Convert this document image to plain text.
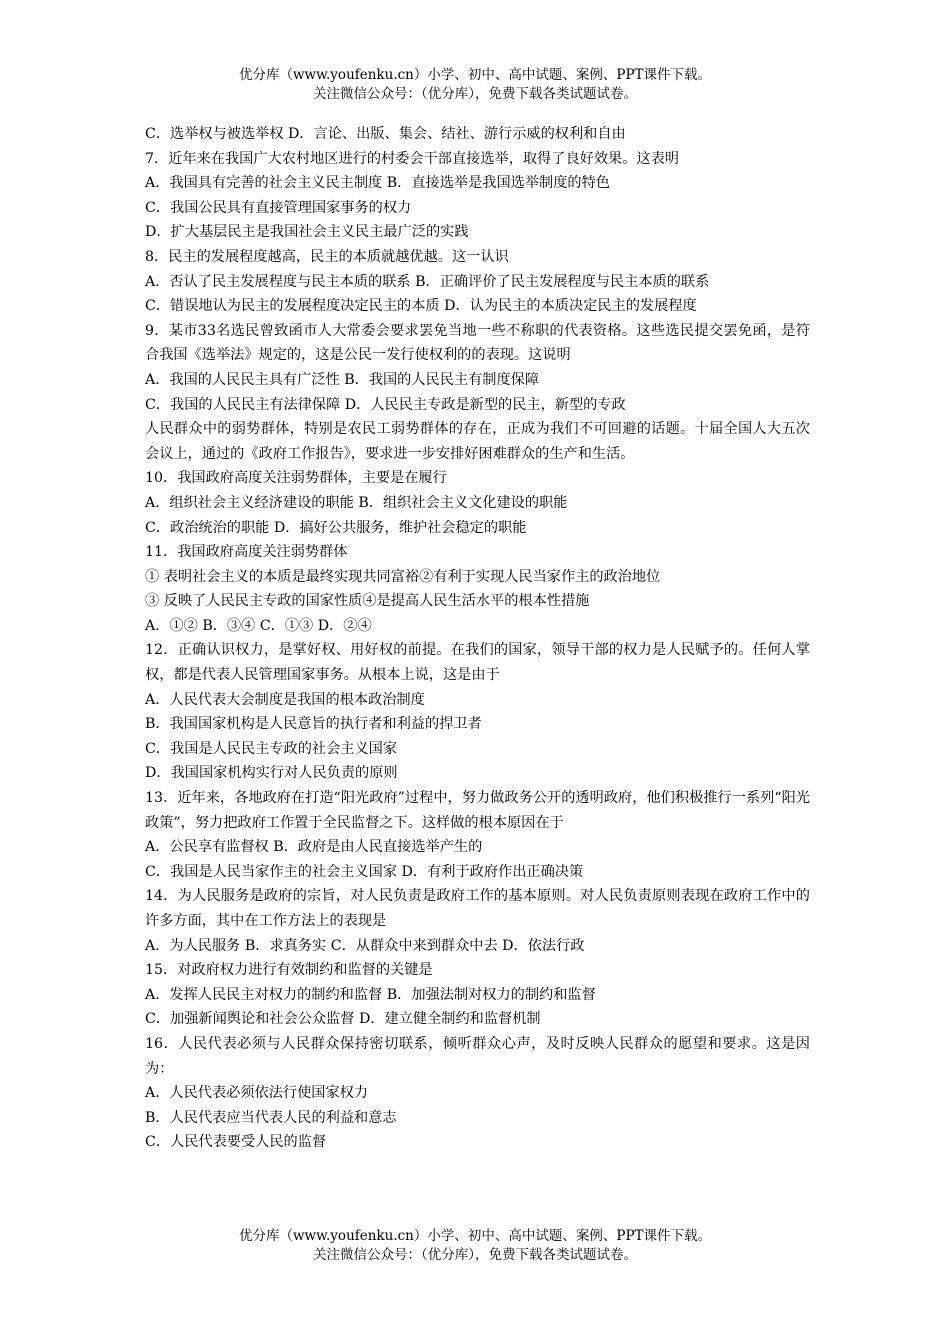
优分库（www.youfenku.cn）小学、初中、高中试题、案例、PPT课件下载。
关注微信公众号：（优分库），免费下载各类试题试卷。
C．选举权与被选举权 D．言论、出版、集会、结社、游行示威的权利和自由
7．近年来在我国广大农村地区进行的村委会干部直接选举，取得了良好效果。这表明
A．我国具有完善的社会主义民主制度 B．直接选举是我国选举制度的特色
C．我国公民具有直接管理国家事务的权力
D．扩大基层民主是我国社会主义民主最广泛的实践
8．民主的发展程度越高，民主的本质就越优越。这一认识
A．否认了民主发展程度与民主本质的联系 B．正确评价了民主发展程度与民主本质的联系
C．错误地认为民主的发展程度决定民主的本质 D．认为民主的本质决定民主的发展程度
9．某市33名选民曾致函市人大常委会要求罢免当地一些不称职的代表资格。这些选民提交罢免函，是符合我国《选举法》规定的，这是公民一发行使权利的的表现。这说明
A．我国的人民民主具有广泛性 B．我国的人民民主有制度保障
C．我国的人民民主有法律保障 D．人民民主专政是新型的民主，新型的专政
人民群众中的弱势群体，特别是农民工弱势群体的存在，正成为我们不可回避的话题。十届全国人大五次会议上，通过的《政府工作报告》，要求进一步安排好困难群众的生产和生活。
10．我国政府高度关注弱势群体，主要是在履行
A．组织社会主义经济建设的职能 B．组织社会主义文化建设的职能
C．政治统治的职能 D．搞好公共服务，维护社会稳定的职能
11．我国政府高度关注弱势群体
① 表明社会主义的本质是最终实现共同富裕②有利于实现人民当家作主的政治地位
③ 反映了人民民主专政的国家性质④是提高人民生活水平的根本性措施
A．①② B．③④ C．①③ D．②④
12．正确认识权力，是掌好权、用好权的前提。在我们的国家，领导干部的权力是人民赋予的。任何人掌权，都是代表人民管理国家事务。从根本上说，这是由于
A．人民代表大会制度是我国的根本政治制度
B．我国国家机构是人民意旨的执行者和利益的捍卫者
C．我国是人民民主专政的社会主义国家
D．我国国家机构实行对人民负责的原则
13．近年来，各地政府在打造“阳光政府”过程中，努力做政务公开的透明政府，他们积极推行一系列“阳光政策”，努力把政府工作置于全民监督之下。这样做的根本原因在于
A．公民享有监督权 B．政府是由人民直接选举产生的
C．我国是人民当家作主的社会主义国家 D．有利于政府作出正确决策
14．为人民服务是政府的宗旨，对人民负责是政府工作的基本原则。对人民负责原则表现在政府工作中的许多方面，其中在工作方法上的表现是
A．为人民服务 B．求真务实 C．从群众中来到群众中去 D．依法行政
15．对政府权力进行有效制约和监督的关键是
A．发挥人民民主对权力的制约和监督 B．加强法制对权力的制约和监督
C．加强新闻舆论和社会公众监督 D．建立健全制约和监督机制
16．人民代表必须与人民群众保持密切联系，倾听群众心声，及时反映人民群众的愿望和要求。这是因为：
A．人民代表必须依法行使国家权力
B．人民代表应当代表人民的利益和意志
C．人民代表要受人民的监督
优分库（www.youfenku.cn）小学、初中、高中试题、案例、PPT课件下载。
关注微信公众号：（优分库），免费下载各类试题试卷。
